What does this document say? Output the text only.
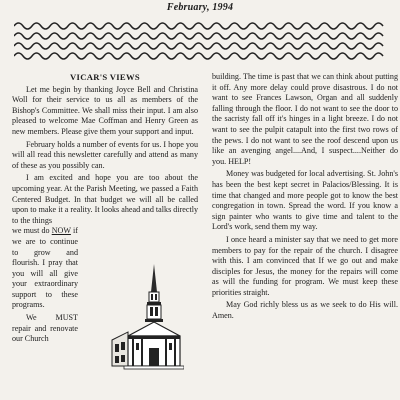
February, 1994
VICAR'S VIEWS

Let me begin by thanking Joyce Bell and Christina Woll for their service to us all as members of the Bishop's Committee. We shall miss their input. I am also pleased to welcome Mae Coffman and Henry Green as new members. Please give them your support and input.

February holds a number of events for us. I hope you will all read this newsletter carefully and attend as many of these as you possibly can.

I am excited and hope you are too about the upcoming year. At the Parish Meeting, we passed a Faith Centered Budget. In that budget we will all be called upon to make it a reality. It looks ahead and talks directly to the things

we must do NOW if we are to continue to grow and flourish. I pray that you will all give your extraordinary support to these programs.

We MUST repair and renovate our Church

building. The time is past that we can think about putting it off. Any more delay could prove disastrous. I do not want to see Frances Lawson, Organ and all suddenly falling through the floor. I do not want to see the door to the sacristy fall off it's hinges in a light breeze. I do not want to see the pulpit catapult into the first two rows of the pews. I do not want to see the roof descend upon us like an avenging angel....And, I suspect....Neither do you. HELP!

Money was budgeted for local advertising. St. John's has been the best kept secret in Palacios/Blessing. It is time that changed and more people got to know the best congregation in town. Spread the word. If you know a sign painter who wants to give time and talent to the Lord's work, send them my way.

I once heard a minister say that we need to get more members to pay for the repair of the church. I disagree with this. I am convinced that If we go out and make disciples for Jesus, the money for the repairs will come as will the funding for program. We must keep these priorities straight.

May God richly bless us as we seek to do His will. Amen.
